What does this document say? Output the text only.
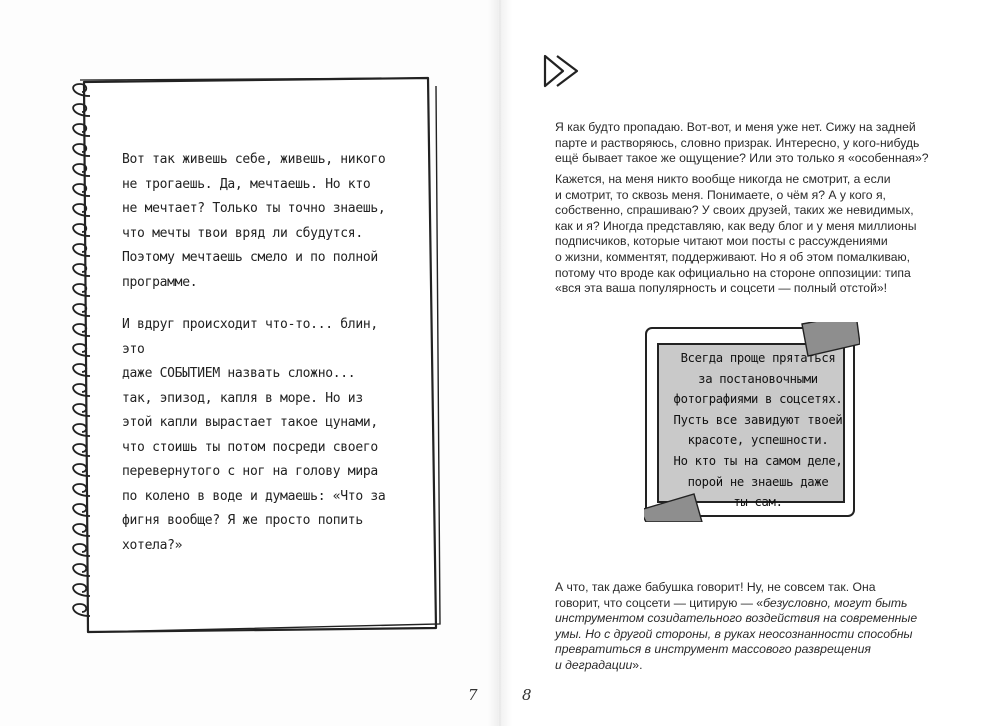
Вот так живешь себе, живешь, никого
не трогаешь. Да, мечтаешь. Но кто
не мечтает? Только ты точно знаешь,
что мечты твои вряд ли сбудутся.
Поэтому мечтаешь смело и по полной
программе.

И вдруг происходит что-то... блин, это
даже СОБЫТИЕМ назвать сложно...
так, эпизод, капля в море. Но из
этой капли вырастает такое цунами,
что стоишь ты потом посреди своего
перевернутого с ног на голову мира
по колено в воде и думаешь: «Что за
фигня вообще? Я же просто попить
хотела?»

7

Я как будто пропадаю. Вот-вот, и меня уже нет. Сижу на задней
парте и растворяюсь, словно призрак. Интересно, у кого-нибудь
ещё бывает такое же ощущение? Или это только я «особенная»?

Кажется, на меня никто вообще никогда не смотрит, а если
и смотрит, то сквозь меня. Понимаете, о чём я? А у кого я,
собственно, спрашиваю? У своих друзей, таких же невидимых,
как и я? Иногда представляю, как веду блог и у меня миллионы
подписчиков, которые читают мои посты с рассуждениями
о жизни, комментят, поддерживают. Но я об этом помалкиваю,
потому что вроде как официально на стороне оппозиции: типа
«вся эта ваша популярность и соцсети — полный отстой»!

Всегда проще прятаться
за постановочными
фотографиями в соцсетях.
Пусть все завидуют твоей
красоте, успешности.
Но кто ты на самом деле,
порой не знаешь даже
ты сам.

А что, так даже бабушка говорит! Ну, не совсем так. Она
говорит, что соцсети — цитирую — «безусловно, могут быть
инструментом созидательного воздействия на современные
умы. Но с другой стороны, в руках неосознанности способны
превратиться в инструмент массового разврещения
и деградации».

8
